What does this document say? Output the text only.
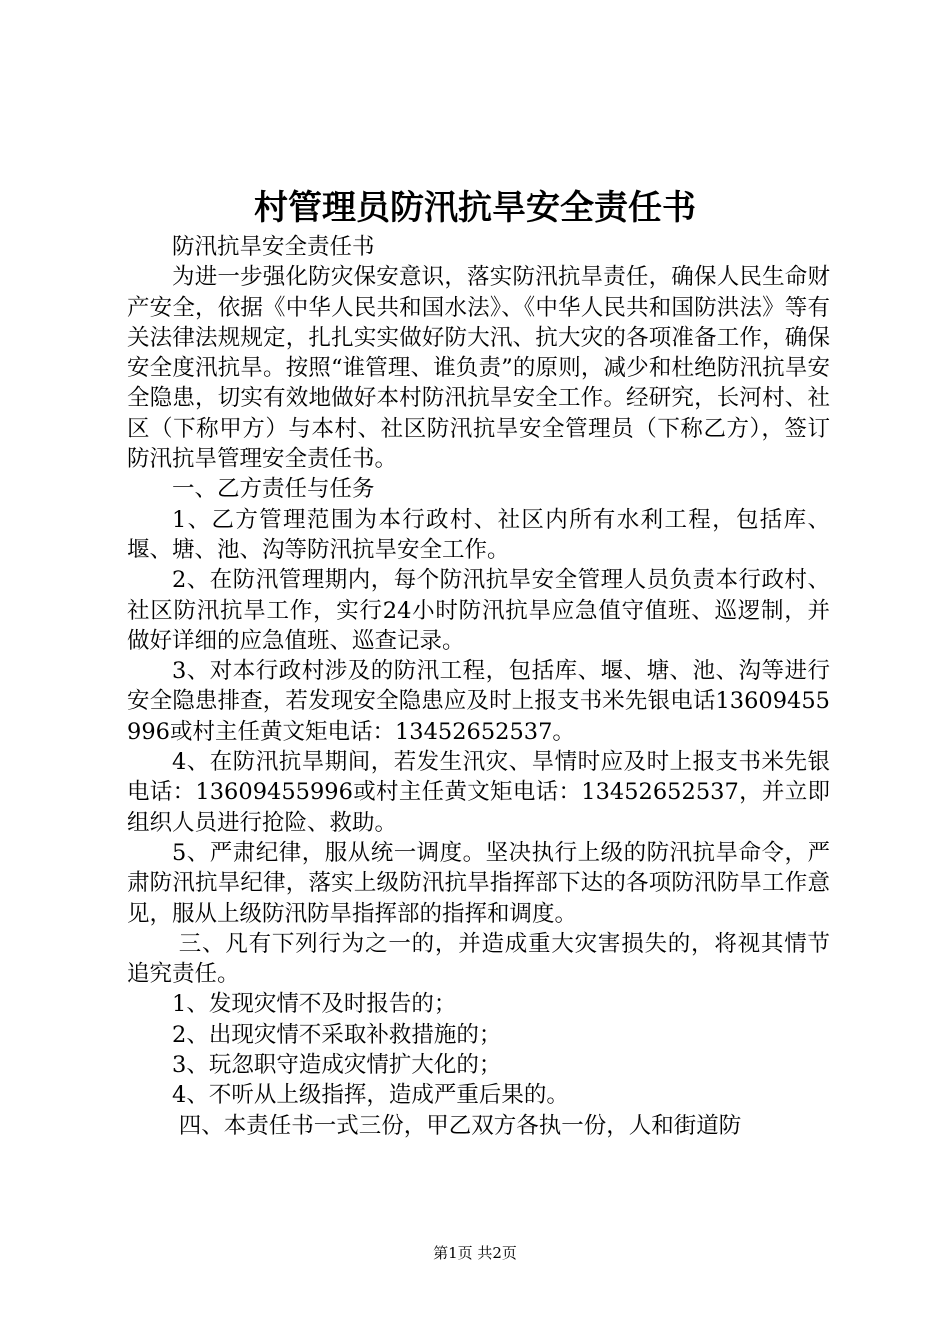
村管理员防汛抗旱安全责任书

防汛抗旱安全责任书

为进一步强化防灾保安意识，落实防汛抗旱责任，确保人民生命财产安全，依据《中华人民共和国水法》、《中华人民共和国防洪法》等有关法律法规规定，扎扎实实做好防大汛、抗大灾的各项准备工作，确保安全度汛抗旱。按照“谁管理、谁负责”的原则，减少和杜绝防汛抗旱安全隐患，切实有效地做好本村防汛抗旱安全工作。经研究，长河村、社区（下称甲方）与本村、社区防汛抗旱安全管理员（下称乙方），签订防汛抗旱管理安全责任书。

一、乙方责任与任务

1、乙方管理范围为本行政村、社区内所有水利工程，包括库、堰、塘、池、沟等防汛抗旱安全工作。

2、在防汛管理期内，每个防汛抗旱安全管理人员负责本行政村、社区防汛抗旱工作，实行24小时防汛抗旱应急值守值班、巡逻制，并做好详细的应急值班、巡查记录。

3、对本行政村涉及的防汛工程，包括库、堰、塘、池、沟等进行安全隐患排查，若发现安全隐患应及时上报支书米先银电话13609455996或村主任黄文矩电话：13452652537。

4、在防汛抗旱期间，若发生汛灾、旱情时应及时上报支书米先银电话：13609455996或村主任黄文矩电话：13452652537，并立即组织人员进行抢险、救助。

5、严肃纪律，服从统一调度。坚决执行上级的防汛抗旱命令，严肃防汛抗旱纪律，落实上级防汛抗旱指挥部下达的各项防汛防旱工作意见，服从上级防汛防旱指挥部的指挥和调度。

三、凡有下列行为之一的，并造成重大灾害损失的，将视其情节追究责任。

1、发现灾情不及时报告的；

2、出现灾情不采取补救措施的；

3、玩忽职守造成灾情扩大化的；

4、不听从上级指挥，造成严重后果的。

四、本责任书一式三份，甲乙双方各执一份，人和街道防

第1页 共2页
